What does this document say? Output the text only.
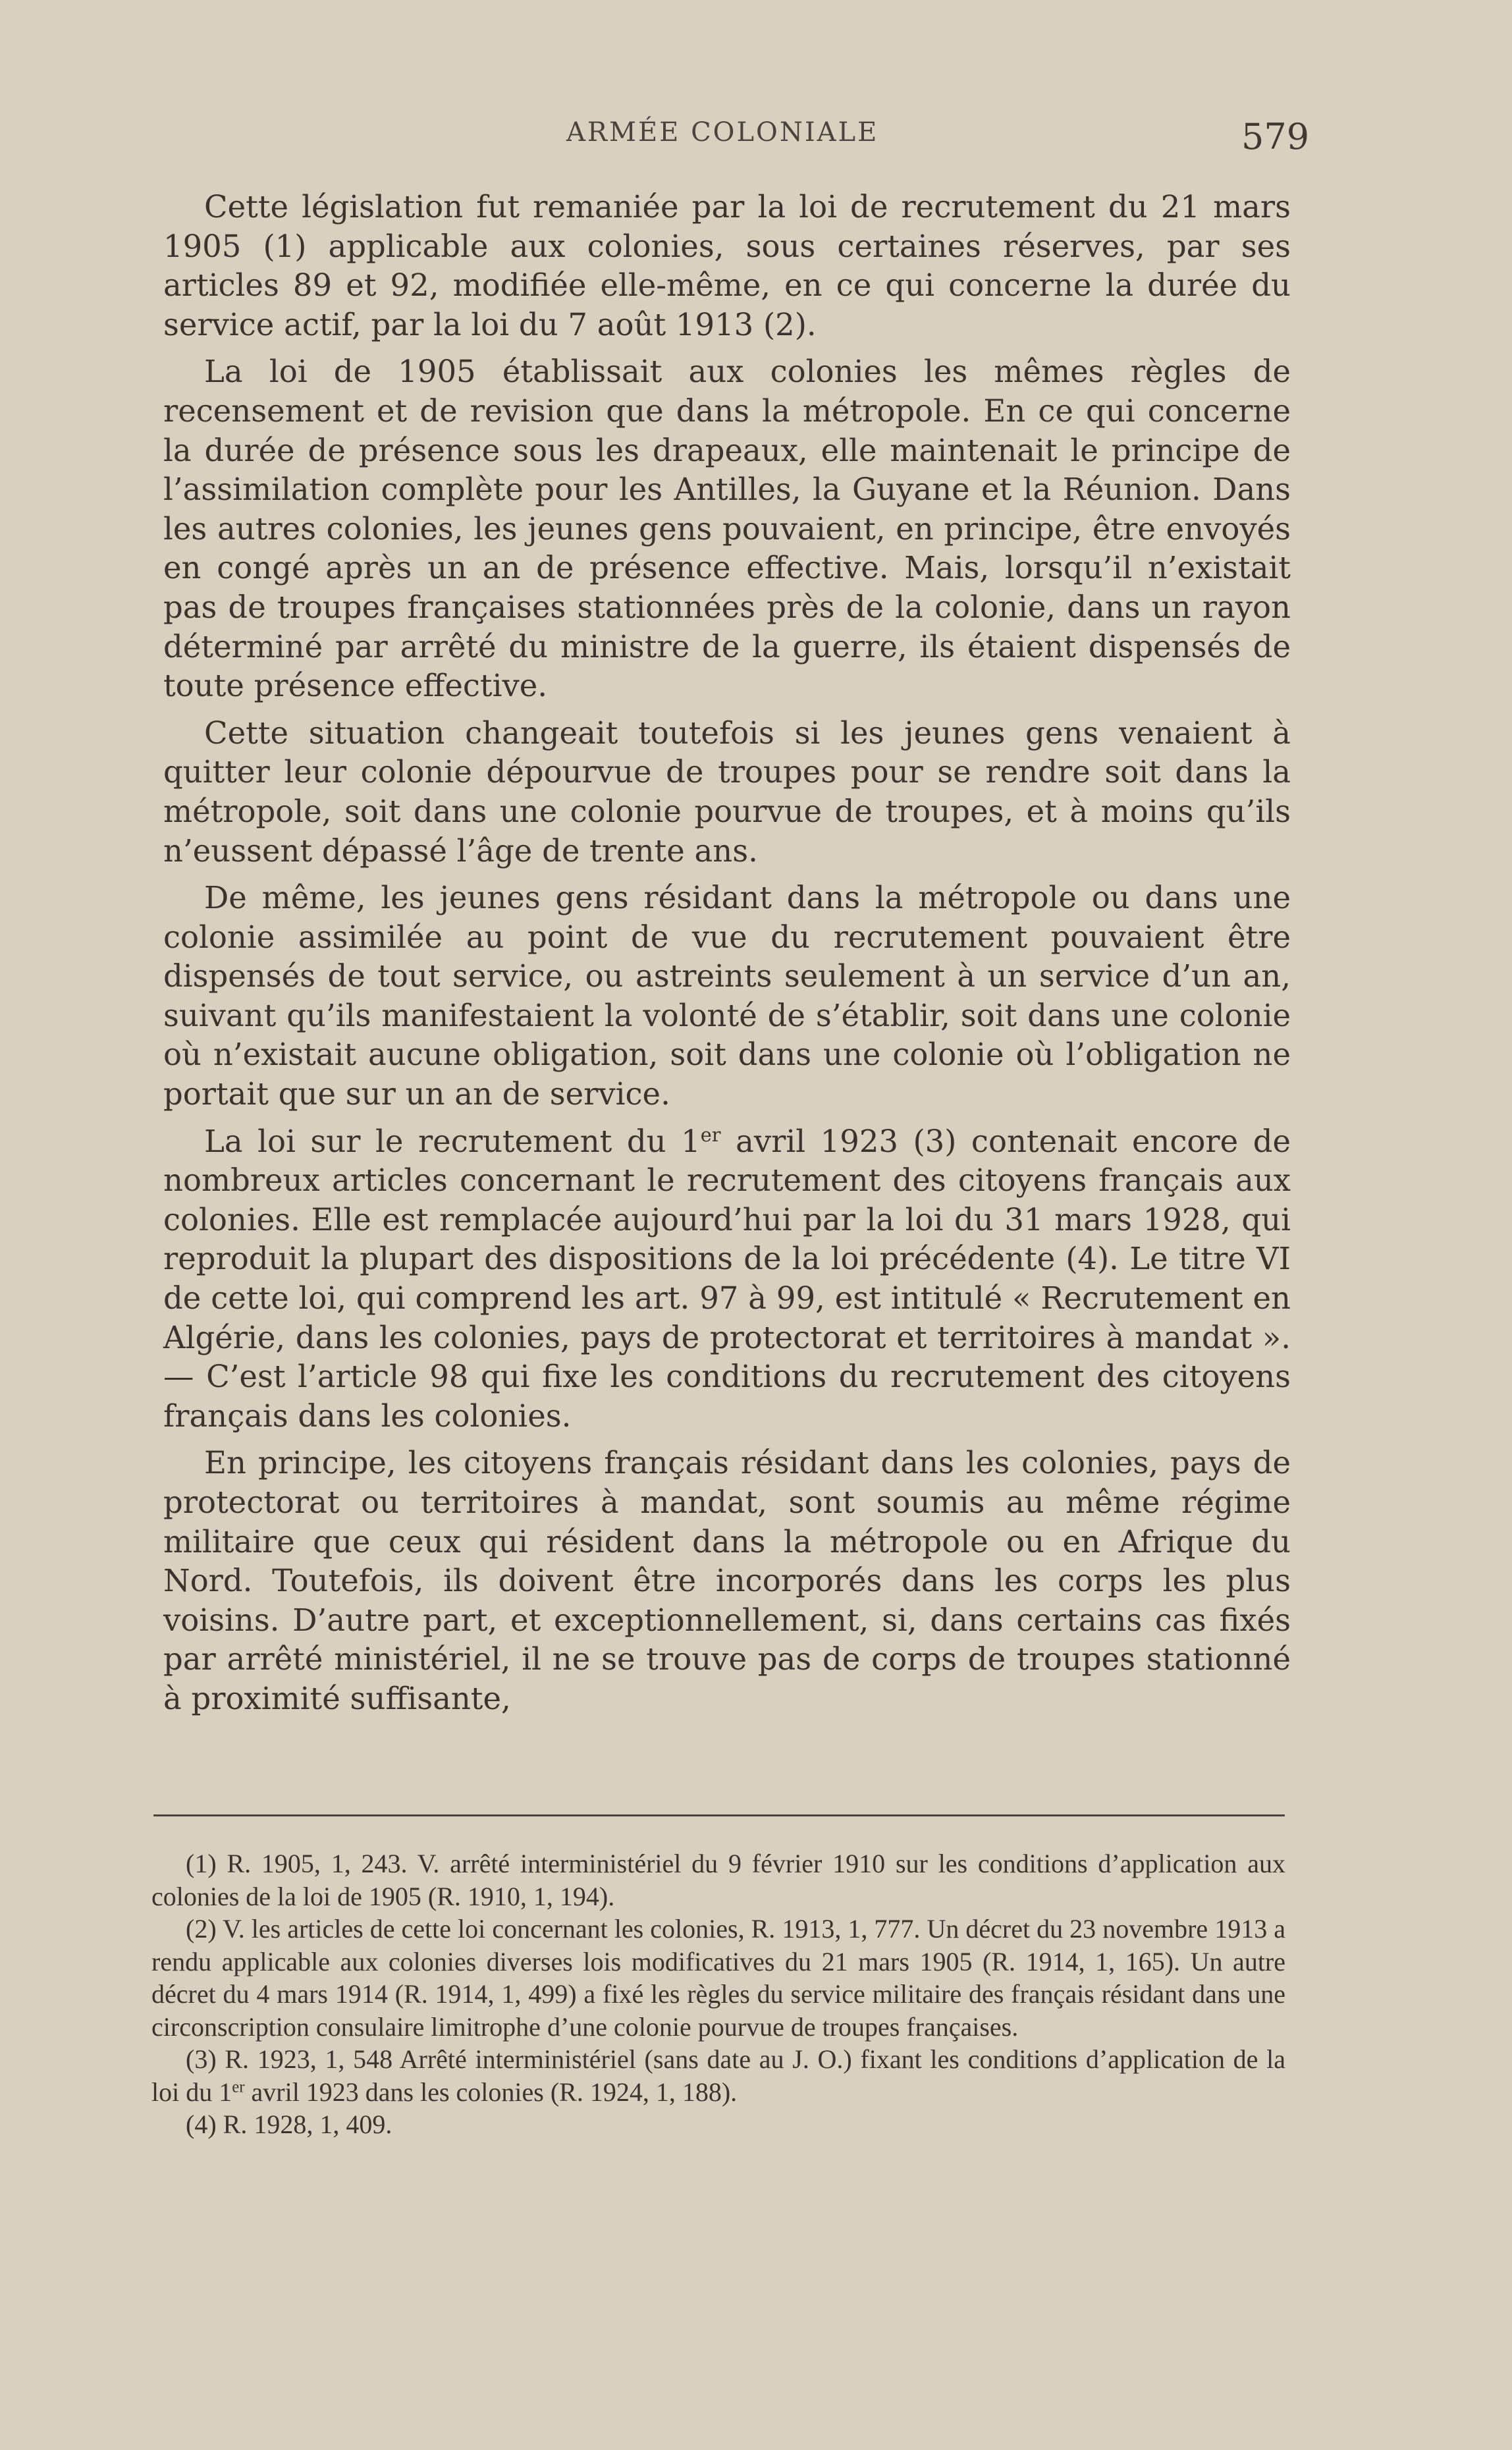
ARMÉE COLONIALE	579

Cette législation fut remaniée par la loi de recrutement du 21 mars 1905 (1) applicable aux colonies, sous certaines réserves, par ses articles 89 et 92, modifiée elle-même, en ce qui concerne la durée du service actif, par la loi du 7 août 1913 (2).

La loi de 1905 établissait aux colonies les mêmes règles de recensement et de revision que dans la métropole. En ce qui concerne la durée de présence sous les drapeaux, elle maintenait le principe de l’assimilation complète pour les Antilles, la Guyane et la Réunion. Dans les autres colonies, les jeunes gens pouvaient, en principe, être envoyés en congé après un an de présence effective. Mais, lorsqu’il n’existait pas de troupes françaises stationnées près de la colonie, dans un rayon déterminé par arrêté du ministre de la guerre, ils étaient dispensés de toute présence effective.

Cette situation changeait toutefois si les jeunes gens venaient à quitter leur colonie dépourvue de troupes pour se rendre soit dans la métropole, soit dans une colonie pourvue de troupes, et à moins qu’ils n’eussent dépassé l’âge de trente ans.

De même, les jeunes gens résidant dans la métropole ou dans une colonie assimilée au point de vue du recrutement pouvaient être dispensés de tout service, ou astreints seulement à un service d’un an, suivant qu’ils manifestaient la volonté de s’établir, soit dans une colonie où n’existait aucune obligation, soit dans une colonie où l’obligation ne portait que sur un an de service.

La loi sur le recrutement du 1er avril 1923 (3) contenait encore de nombreux articles concernant le recrutement des citoyens français aux colonies. Elle est remplacée aujourd’hui par la loi du 31 mars 1928, qui reproduit la plupart des dispositions de la loi précédente (4). Le titre VI de cette loi, qui comprend les art. 97 à 99, est intitulé « Recrutement en Algérie, dans les colonies, pays de protectorat et territoires à mandat ». — C’est l’article 98 qui fixe les conditions du recrutement des citoyens français dans les colonies.

En principe, les citoyens français résidant dans les colonies, pays de protectorat ou territoires à mandat, sont soumis au même régime militaire que ceux qui résident dans la métropole ou en Afrique du Nord. Toutefois, ils doivent être incorporés dans les corps les plus voisins. D’autre part, et exceptionnellement, si, dans certains cas fixés par arrêté ministériel, il ne se trouve pas de corps de troupes stationné à proximité suffisante,

(1) R. 1905, 1, 243. V. arrêté interministériel du 9 février 1910 sur les conditions d’application aux colonies de la loi de 1905 (R. 1910, 1, 194).

(2) V. les articles de cette loi concernant les colonies, R. 1913, 1, 777. Un décret du 23 novembre 1913 a rendu applicable aux colonies diverses lois modificatives du 21 mars 1905 (R. 1914, 1, 165). Un autre décret du 4 mars 1914 (R. 1914, 1, 499) a fixé les règles du service militaire des français résidant dans une circonscription consulaire limitrophe d’une colonie pourvue de troupes françaises.

(3) R. 1923, 1, 548 Arrêté interministériel (sans date au J. O.) fixant les conditions d’application de la loi du 1er avril 1923 dans les colonies (R. 1924, 1, 188).

(4) R. 1928, 1, 409.
